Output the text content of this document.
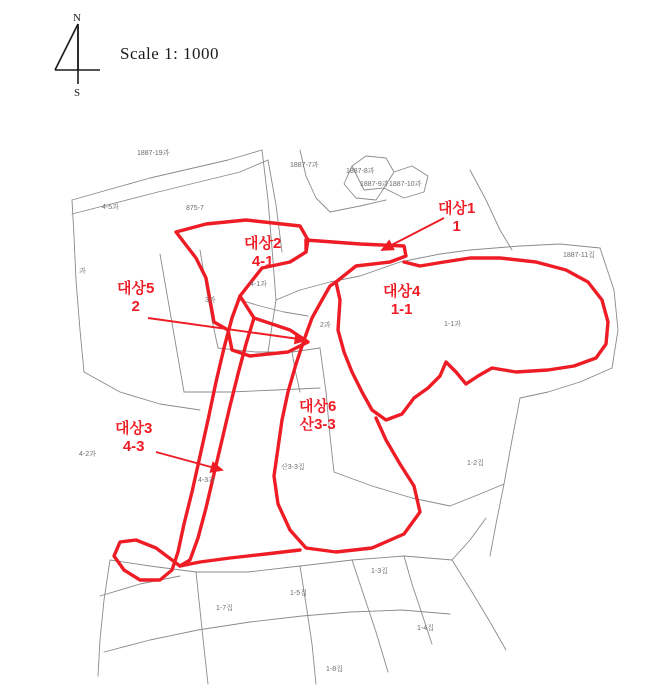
N
S
Scale 1: 1000
1887-19과
1887-7과
1887-8과
1887-9과 1887-10과
4-5과	875-7
1887-11집
과
4-1과
3과
2과	1-1과
1-2집
4-2과
4-3과
산3-3집
1-3집
1-5집
1-7집
1-4집
1-8집
대상1
1
대상2
4-1
대상4
1-1
대상5
2
대상6
산3-3
대상3
4-3
